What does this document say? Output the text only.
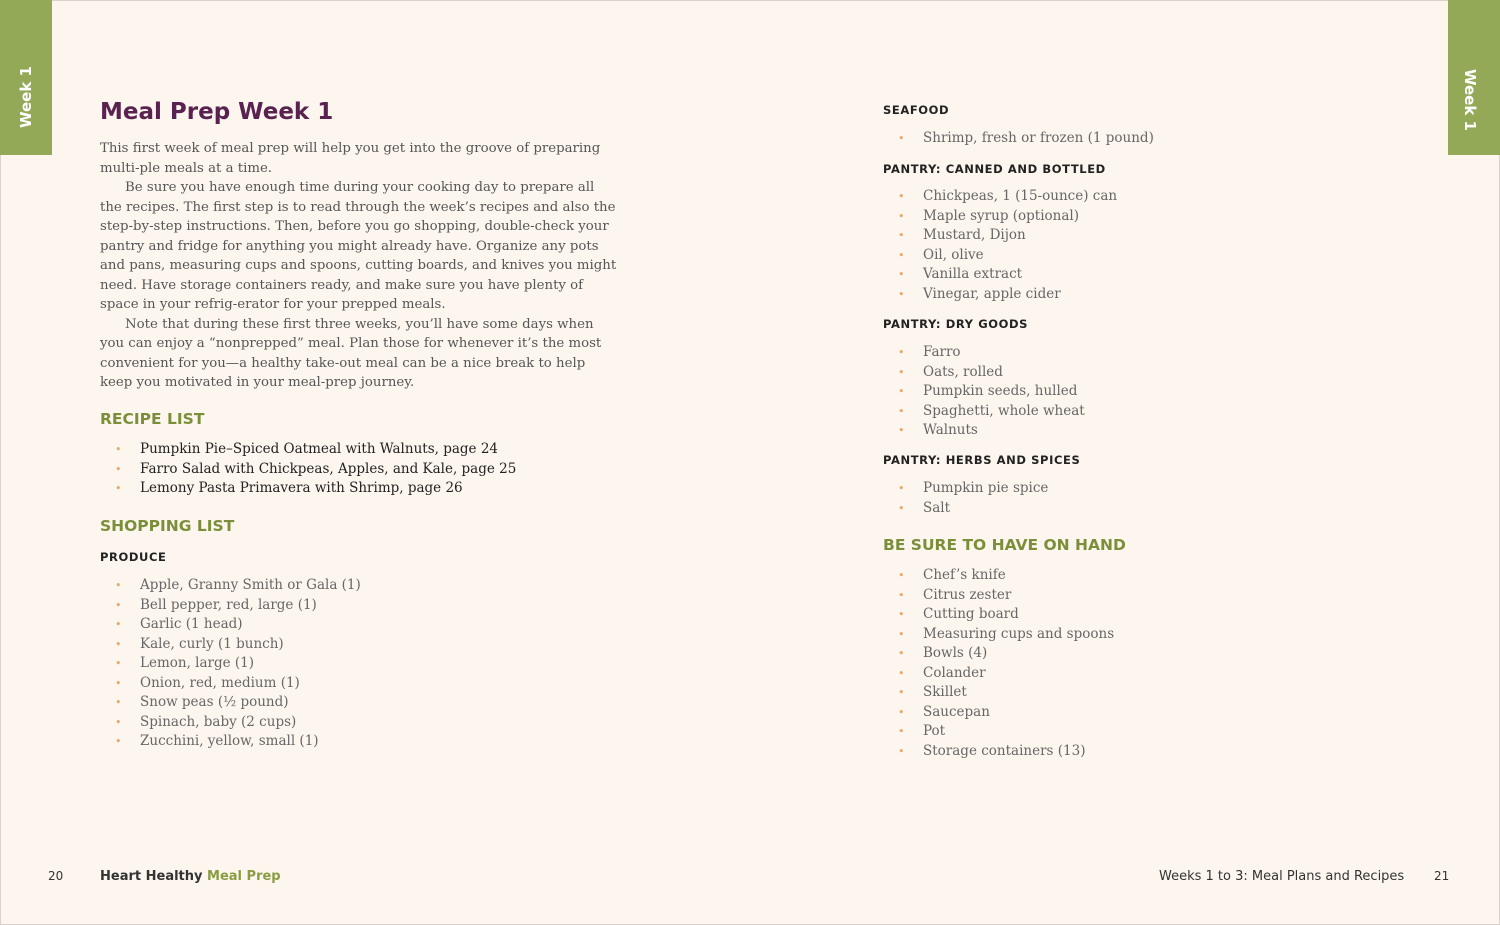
Week 1	Week 1
Meal Prep Week 1

This first week of meal prep will help you get into the groove of preparing multi-ple meals at a time.

Be sure you have enough time during your cooking day to prepare all the recipes. The first step is to read through the week’s recipes and also the step-by-step instructions. Then, before you go shopping, double-check your pantry and fridge for anything you might already have. Organize any pots and pans, measuring cups and spoons, cutting boards, and knives you might need. Have storage containers ready, and make sure you have plenty of space in your refrig-erator for your prepped meals.

Note that during these first three weeks, you’ll have some days when you can enjoy a “nonprepped” meal. Plan those for whenever it’s the most convenient for you—a healthy take-out meal can be a nice break to help keep you motivated in your meal-prep journey.

RECIPE LIST
• Pumpkin Pie–Spiced Oatmeal with Walnuts, page 24
• Farro Salad with Chickpeas, Apples, and Kale, page 25
• Lemony Pasta Primavera with Shrimp, page 26
SHOPPING LIST
PRODUCE
• Apple, Granny Smith or Gala (1)
• Bell pepper, red, large (1)
• Garlic (1 head)
• Kale, curly (1 bunch)
• Lemon, large (1)
• Onion, red, medium (1)
• Snow peas (½ pound)
• Spinach, baby (2 cups)
• Zucchini, yellow, small (1)
SEAFOOD
• Shrimp, fresh or frozen (1 pound)
PANTRY: CANNED AND BOTTLED
• Chickpeas, 1 (15-ounce) can
• Maple syrup (optional)
• Mustard, Dijon
• Oil, olive
• Vanilla extract
• Vinegar, apple cider
PANTRY: DRY GOODS
• Farro
• Oats, rolled
• Pumpkin seeds, hulled
• Spaghetti, whole wheat
• Walnuts
PANTRY: HERBS AND SPICES
• Pumpkin pie spice
• Salt
BE SURE TO HAVE ON HAND
• Chef’s knife
• Citrus zester
• Cutting board
• Measuring cups and spoons
• Bowls (4)
• Colander
• Skillet
• Saucepan
• Pot
• Storage containers (13)
20	Heart Healthy Meal Prep	Weeks 1 to 3: Meal Plans and Recipes 21
